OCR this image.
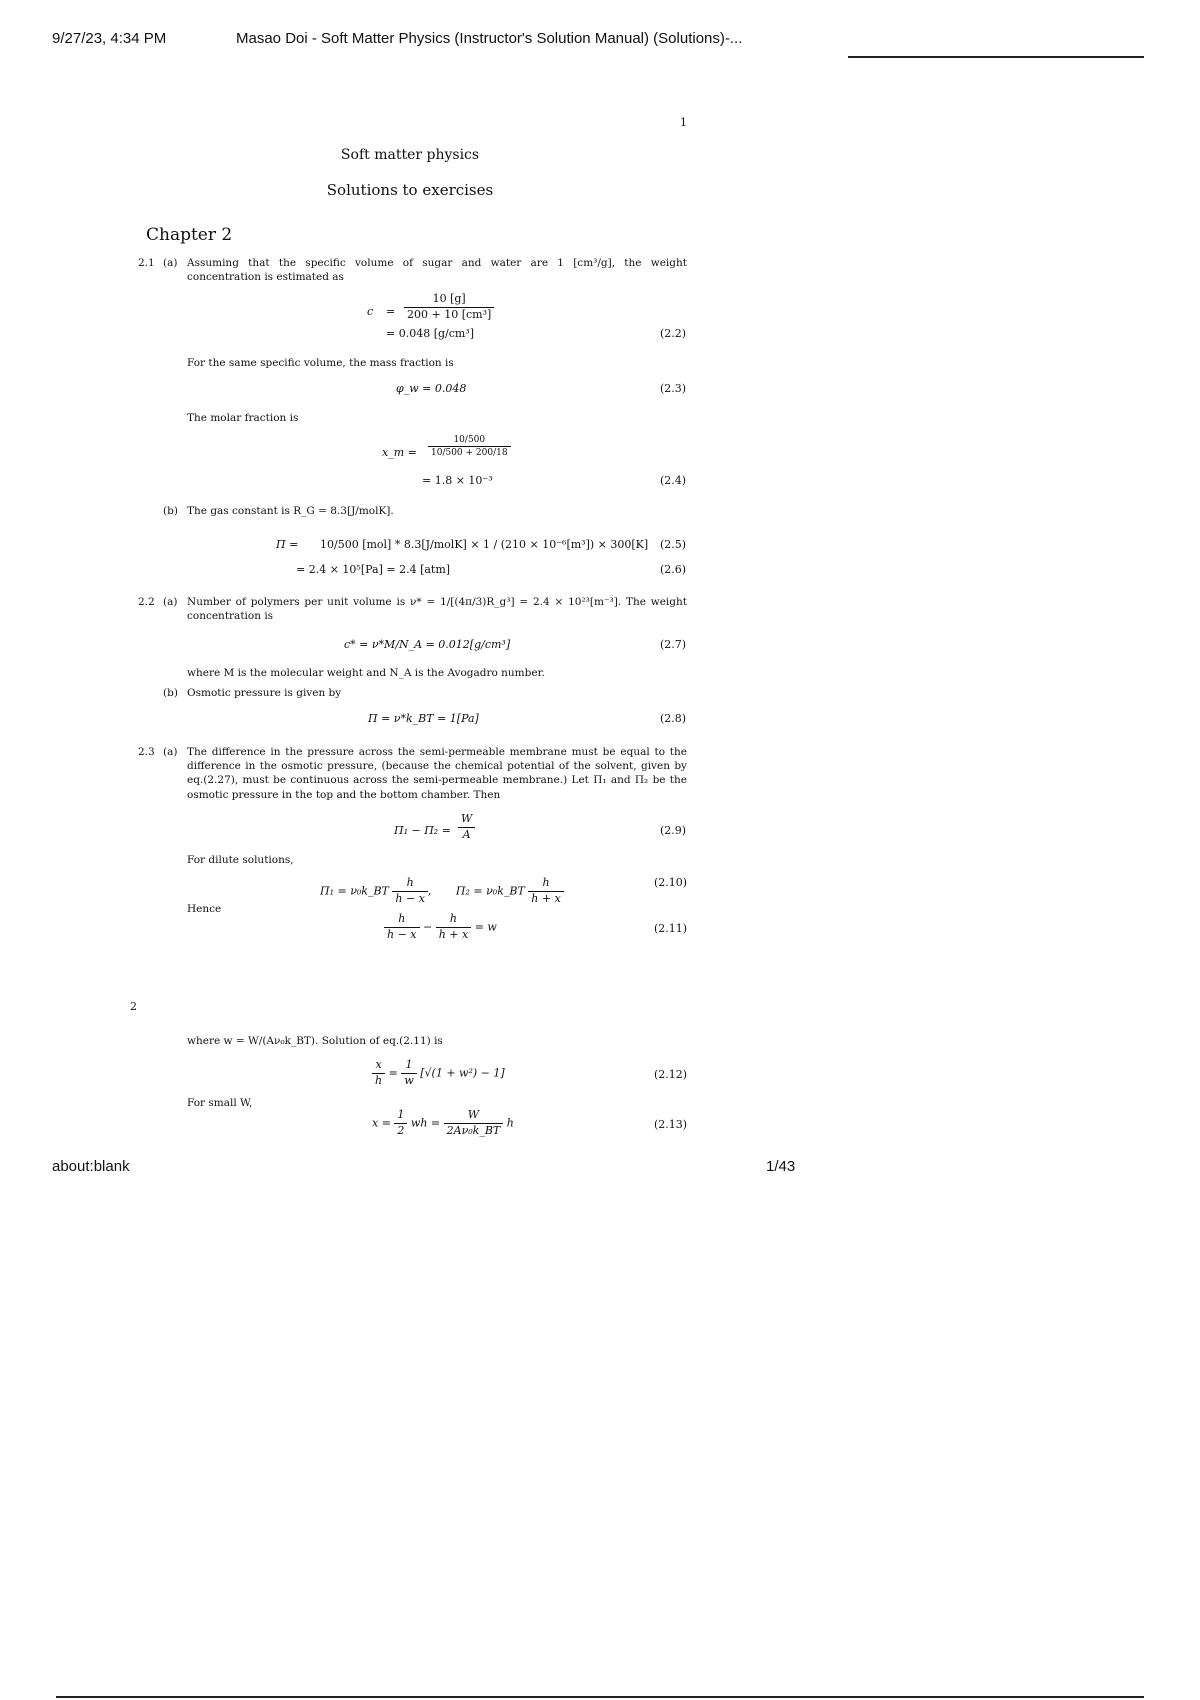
9/27/23, 4:34 PM	Masao Doi - Soft Matter Physics (Instructor's Solution Manual) (Solutions)-...
1
Soft matter physics
Solutions to exercises
Chapter 2
2.1 (a) Assuming that the specific volume of sugar and water are 1 [cm³/g], the weight concentration is estimated as
$c = \frac{10 [g]}{\text{200 + 10 [cm³]}}$
= 0.048 [g/cm³]	(2.2)
For the same specific volume, the mass fraction is
φ_w = 0.048	(2.3)
The molar fraction is
x_m = $\frac{10/500}{10/500 + 200/18}$
= 1.8 × 10⁻³	(2.4)
(b) The gas constant is R_G = 8.3[J/molK].
Π = 10/500 [mol] * 8.3[J/molK] × 1 / (210 × 10⁻⁶[m³]) × 300[K] (2.5)
= 2.4 × 10⁵[Pa] = 2.4 [atm]	(2.6)
2.2 (a) Number of polymers per unit volume is ν* = 1/[(4π/3)R_g³] = 2.4 × 10²³[m⁻³]. The weight concentration is
c* = ν*M/N_A = 0.012[g/cm³]	(2.7)
where M is the molecular weight and N_A is the Avogadro number.
(b) Osmotic pressure is given by
Π = ν*k_BT = 1[Pa]	(2.8)
2.3 (a) The difference in the pressure across the semi-permeable membrane must be equal to the difference in the osmotic pressure, (because the chemical potential of the solvent, given by eq.(2.27), must be continuous across the semi-permeable membrane.) Let Π₁ and Π₂ be the osmotic pressure in the top and the bottom chamber. Then
$\Pi_1 - \Pi_2 = \frac{W}{A}$	(2.9)
For dilute solutions,
Π₁ = ν₀k_BT $\frac{h}{h - x}$ ,       Π₂ = ν₀k_BT $\frac{h}{h + x}$	(2.10)
Hence
$\frac{h}{h - x} - \frac{h}{h + x} = w$	(2.11)
2
where w = W/(Aν₀k_BT). Solution of eq.(2.11) is
$\frac{x}{h} = \frac{1}{w} [√(1 + w^2) - 1]$	(2.12)
For small W,
$x = \frac{1}{2}$ wh = $\frac{W}{\text{2Aν₀k\_BT}}$ h	(2.13)
about:blank	1/43
